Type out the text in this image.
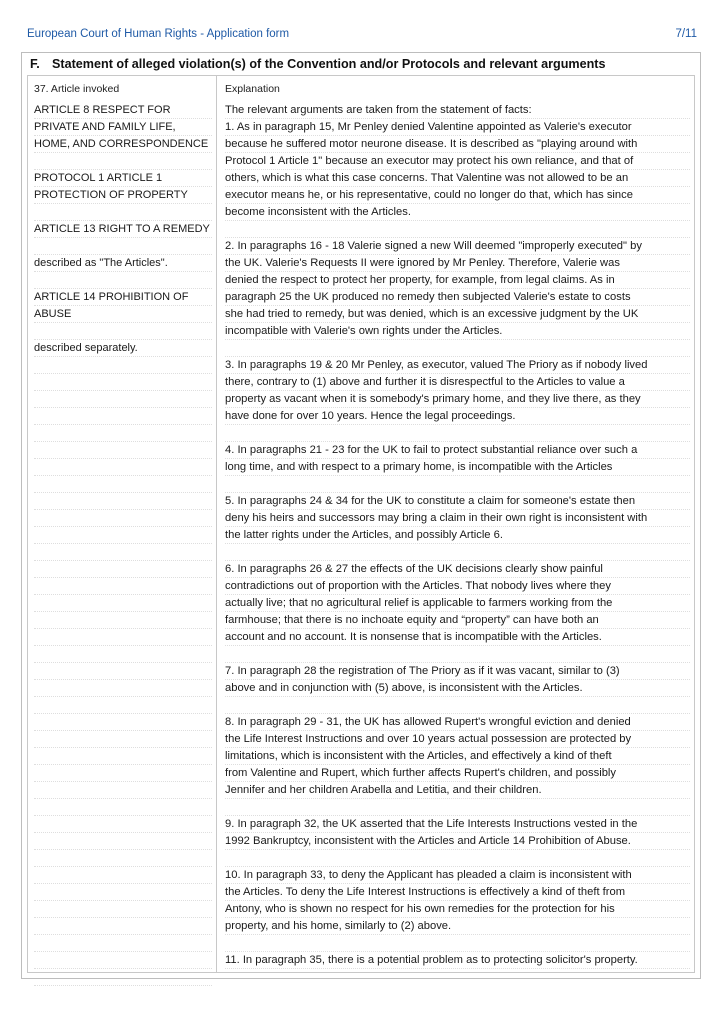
European Court of Human Rights - Application form	7/11
F. Statement of alleged violation(s) of the Convention and/or Protocols and relevant arguments
37. Article invoked	Explanation
ARTICLE 8 RESPECT FOR
PRIVATE AND FAMILY LIFE,
HOME, AND CORRESPONDENCE
PROTOCOL 1 ARTICLE 1
PROTECTION OF PROPERTY
ARTICLE 13 RIGHT TO A REMEDY
described as "The Articles".
ARTICLE 14 PROHIBITION OF
ABUSE
described separately.
The relevant arguments are taken from the statement of facts:
1. As in paragraph 15, Mr Penley denied Valentine appointed as Valerie's executor
because he suffered motor neurone disease. It is described as "playing around with
Protocol 1 Article 1" because an executor may protect his own reliance, and that of
others, which is what this case concerns. That Valentine was not allowed to be an
executor means he, or his representative, could no longer do that, which has since
become inconsistent with the Articles.
2. In paragraphs 16 - 18 Valerie signed a new Will deemed "improperly executed" by
the UK. Valerie's Requests II were ignored by Mr Penley. Therefore, Valerie was
denied the respect to protect her property, for example, from legal claims. As in
paragraph 25 the UK produced no remedy then subjected Valerie's estate to costs
she had tried to remedy, but was denied, which is an excessive judgment by the UK
incompatible with Valerie's own rights under the Articles.
3. In paragraphs 19 & 20 Mr Penley, as executor, valued The Priory as if nobody lived
there, contrary to (1) above and further it is disrespectful to the Articles to value a
property as vacant when it is somebody's primary home, and they live there, as they
have done for over 10 years. Hence the legal proceedings.
4. In paragraphs 21 - 23 for the UK to fail to protect substantial reliance over such a
long time, and with respect to a primary home, is incompatible with the Articles
5. In paragraphs 24 & 34 for the UK to constitute a claim for someone's estate then
deny his heirs and successors may bring a claim in their own right is inconsistent with
the latter rights under the Articles, and possibly Article 6.
6. In paragraphs 26 & 27 the effects of the UK decisions clearly show painful
contradictions out of proportion with the Articles. That nobody lives where they
actually live; that no agricultural relief is applicable to farmers working from the
farmhouse; that there is no inchoate equity and “property” can have both an
account and no account. It is nonsense that is incompatible with the Articles.
7. In paragraph 28 the registration of The Priory as if it was vacant, similar to (3)
above and in conjunction with (5) above, is inconsistent with the Articles.
8. In paragraph 29 - 31, the UK has allowed Rupert's wrongful eviction and denied
the Life Interest Instructions and over 10 years actual possession are protected by
limitations, which is inconsistent with the Articles, and effectively a kind of theft
from Valentine and Rupert, which further affects Rupert's children, and possibly
Jennifer and her children Arabella and Letitia, and their children.
9. In paragraph 32, the UK asserted that the Life Interests Instructions vested in the
1992 Bankruptcy, inconsistent with the Articles and Article 14 Prohibition of Abuse.
10. In paragraph 33, to deny the Applicant has pleaded a claim is inconsistent with
the Articles. To deny the Life Interest Instructions is effectively a kind of theft from
Antony, who is shown no respect for his own remedies for the protection for his
property, and his home, similarly to (2) above.
11. In paragraph 35, there is a potential problem as to protecting solicitor's property.
